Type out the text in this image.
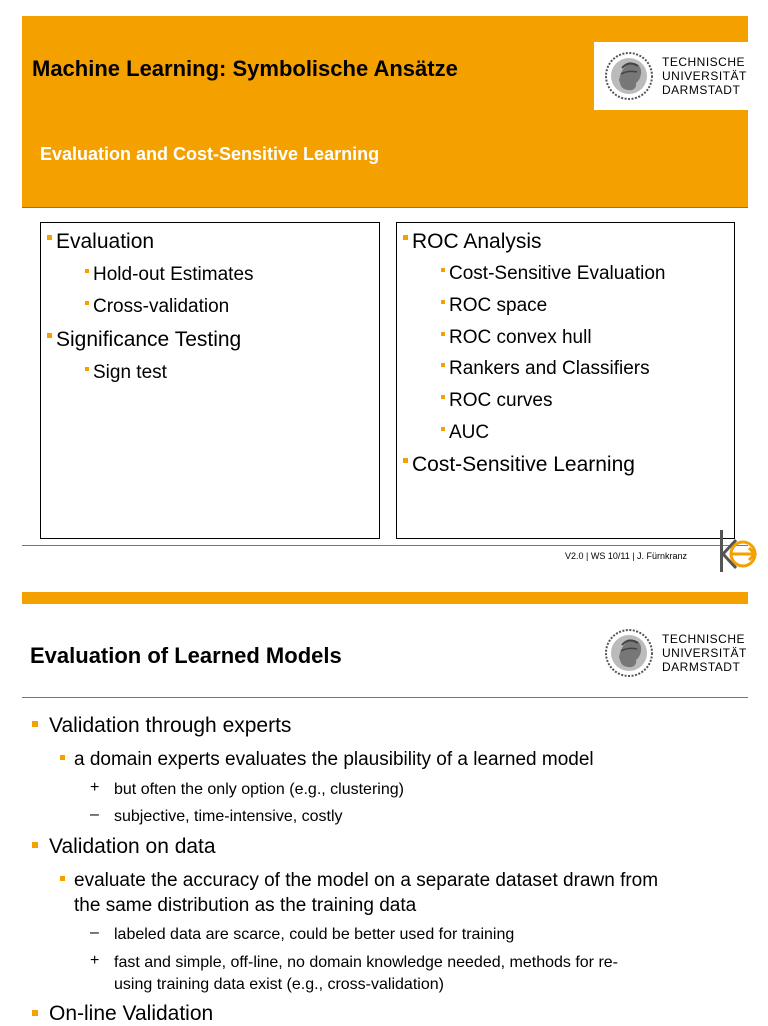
Machine Learning: Symbolische Ansätze
Evaluation and Cost-Sensitive Learning
TECHNISCHE
UNIVERSITÄT
DARMSTADT
Evaluation
Hold-out Estimates
Cross-validation
Significance Testing
Sign test
ROC Analysis
Cost-Sensitive Evaluation
ROC space
ROC convex hull
Rankers and Classifiers
ROC curves
AUC
Cost-Sensitive Learning
V2.0 | WS 10/11 | J. Fürnkranz
Evaluation of Learned Models
TECHNISCHE
UNIVERSITÄT
DARMSTADT
Validation through experts
a domain experts evaluates the plausibility of a learned model
+ but often the only option (e.g., clustering)
– subjective, time-intensive, costly
Validation on data
evaluate the accuracy of the model on a separate dataset drawn from
the same distribution as the training data
– labeled data are scarce, could be better used for training
+ fast and simple, off-line, no domain knowledge needed, methods for re-
using training data exist (e.g., cross-validation)
On-line Validation
